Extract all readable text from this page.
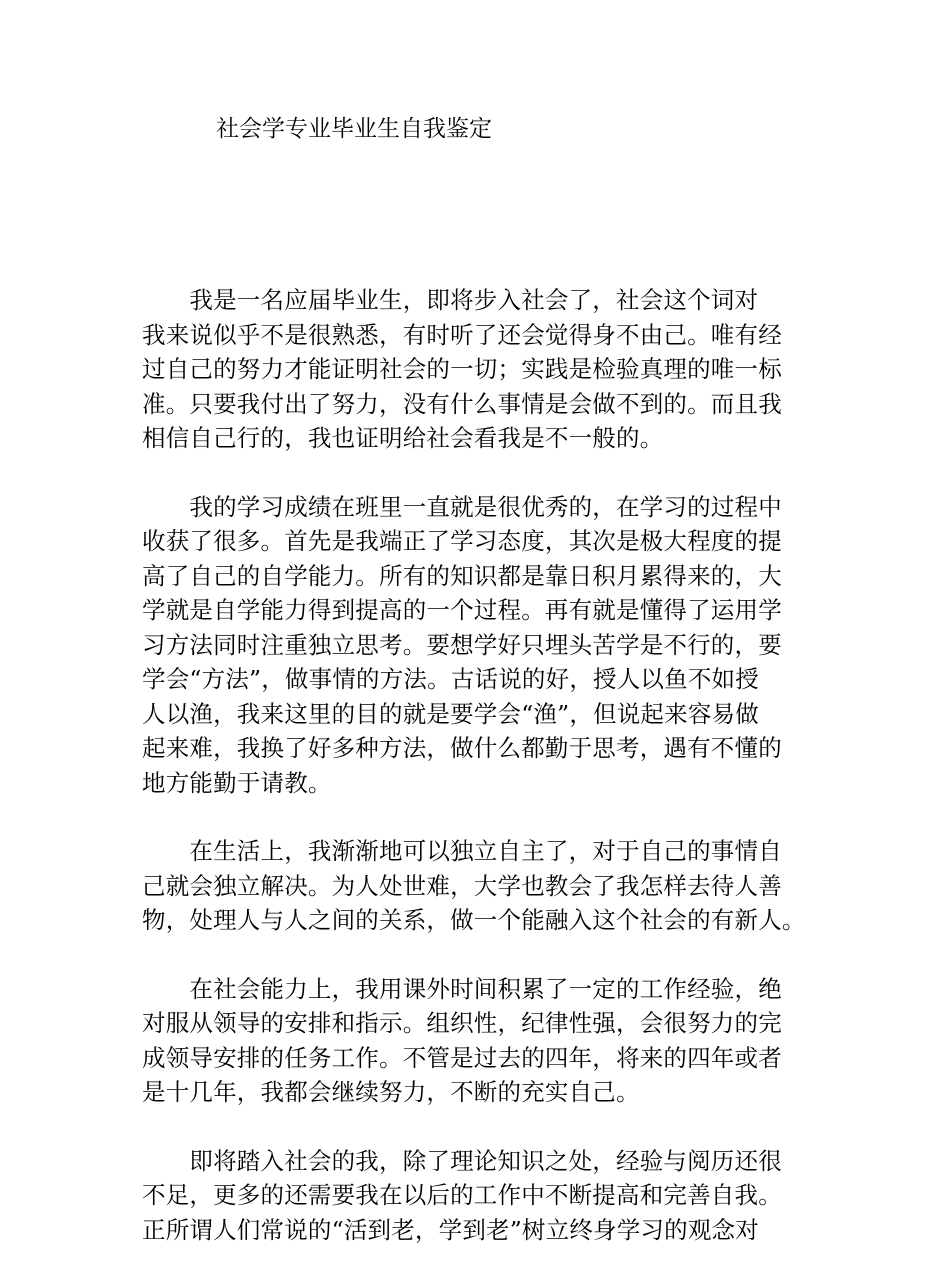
社会学专业毕业生自我鉴定

　　我是一名应届毕业生，即将步入社会了，社会这个词对
我来说似乎不是很熟悉，有时听了还会觉得身不由己。唯有经
过自己的努力才能证明社会的一切；实践是检验真理的唯一标
准。只要我付出了努力，没有什么事情是会做不到的。而且我
相信自己行的，我也证明给社会看我是不一般的。

　　我的学习成绩在班里一直就是很优秀的，在学习的过程中
收获了很多。首先是我端正了学习态度，其次是极大程度的提
高了自己的自学能力。所有的知识都是靠日积月累得来的，大
学就是自学能力得到提高的一个过程。再有就是懂得了运用学
习方法同时注重独立思考。要想学好只埋头苦学是不行的，要
学会“方法”，做事情的方法。古话说的好，授人以鱼不如授
人以渔，我来这里的目的就是要学会“渔”，但说起来容易做
起来难，我换了好多种方法，做什么都勤于思考，遇有不懂的
地方能勤于请教。

　　在生活上，我渐渐地可以独立自主了，对于自己的事情自
己就会独立解决。为人处世难，大学也教会了我怎样去待人善
物，处理人与人之间的关系，做一个能融入这个社会的有新人。

　　在社会能力上，我用课外时间积累了一定的工作经验，绝
对服从领导的安排和指示。组织性，纪律性强，会很努力的完
成领导安排的任务工作。不管是过去的四年，将来的四年或者
是十几年，我都会继续努力，不断的充实自己。

　　即将踏入社会的我，除了理论知识之处，经验与阅历还很
不足，更多的还需要我在以后的工作中不断提高和完善自我。
正所谓人们常说的“活到老，学到老”树立终身学习的观念对
